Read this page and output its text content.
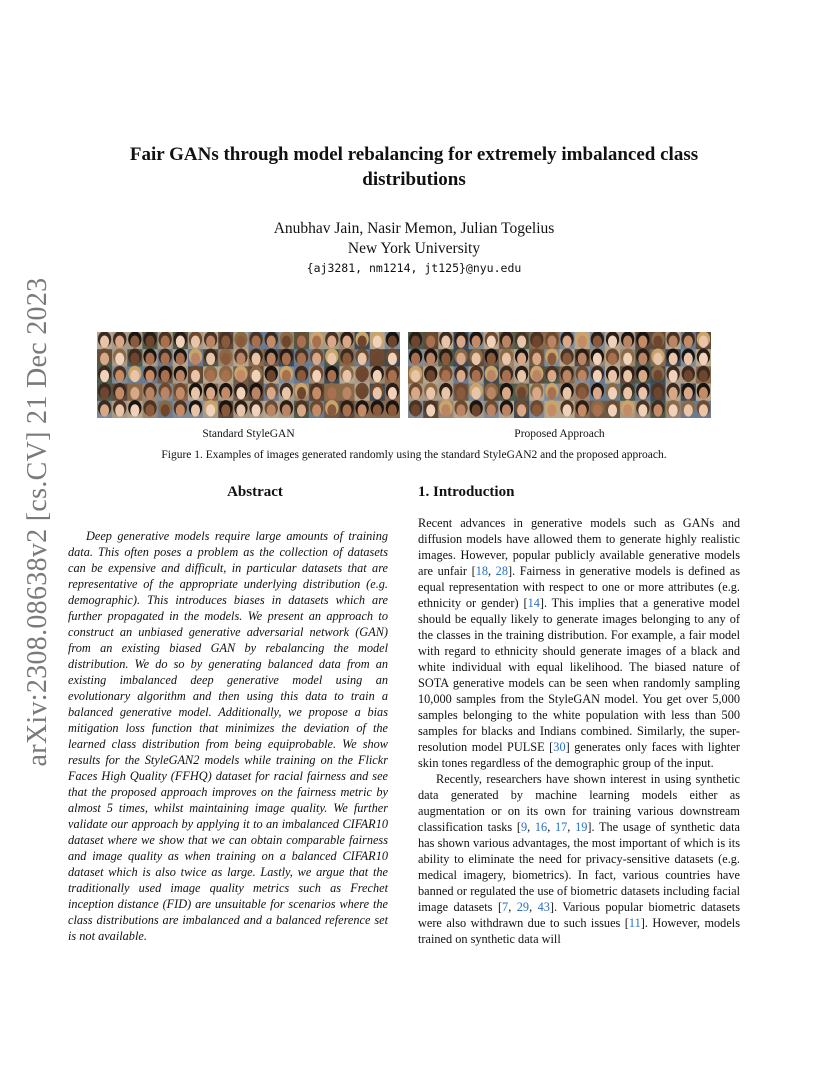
arXiv:2308.08638v2 [cs.CV] 21 Dec 2023
Fair GANs through model rebalancing for extremely imbalanced class
distributions
Anubhav Jain, Nasir Memon, Julian Togelius
New York University
{aj3281, nm1214, jt125}@nyu.edu
Standard StyleGAN	Proposed Approach
Figure 1. Examples of images generated randomly using the standard StyleGAN2 and the proposed approach.
Abstract
Deep generative models require large amounts of training data. This often poses a problem as the collection of datasets can be expensive and difficult, in particular datasets that are representative of the appropriate underlying distribution (e.g. demographic). This introduces biases in datasets which are further propagated in the models. We present an approach to construct an unbiased generative adversarial network (GAN) from an existing biased GAN by rebalancing the model distribution. We do so by generating balanced data from an existing imbalanced deep generative model using an evolutionary algorithm and then using this data to train a balanced generative model. Additionally, we propose a bias mitigation loss function that minimizes the deviation of the learned class distribution from being equiprobable. We show results for the StyleGAN2 models while training on the Flickr Faces High Quality (FFHQ) dataset for racial fairness and see that the proposed approach improves on the fairness metric by almost 5 times, whilst maintaining image quality. We further validate our approach by applying it to an imbalanced CIFAR10 dataset where we show that we can obtain comparable fairness and image quality as when training on a balanced CIFAR10 dataset which is also twice as large. Lastly, we argue that the traditionally used image quality metrics such as Frechet inception distance (FID) are unsuitable for scenarios where the class distributions are imbalanced and a balanced reference set is not available.
1. Introduction

Recent advances in generative models such as GANs and diffusion models have allowed them to generate highly realistic images. However, popular publicly available generative models are unfair [18, 28]. Fairness in generative models is defined as equal representation with respect to one or more attributes (e.g. ethnicity or gender) [14]. This implies that a generative model should be equally likely to generate images belonging to any of the classes in the training distribution. For example, a fair model with regard to ethnicity should generate images of a black and white individual with equal likelihood. The biased nature of SOTA generative models can be seen when randomly sampling 10,000 samples from the StyleGAN model. You get over 5,000 samples belonging to the white population with less than 500 samples for blacks and Indians combined. Similarly, the super-resolution model PULSE [30] generates only faces with lighter skin tones regardless of the demographic group of the input.

Recently, researchers have shown interest in using synthetic data generated by machine learning models either as augmentation or on its own for training various downstream classification tasks [9, 16, 17, 19]. The usage of synthetic data has shown various advantages, the most important of which is its ability to eliminate the need for privacy-sensitive datasets (e.g. medical imagery, biometrics). In fact, various countries have banned or regulated the use of biometric datasets including facial image datasets [7, 29, 43]. Various popular biometric datasets were also withdrawn due to such issues [11]. However, models trained on synthetic data will
